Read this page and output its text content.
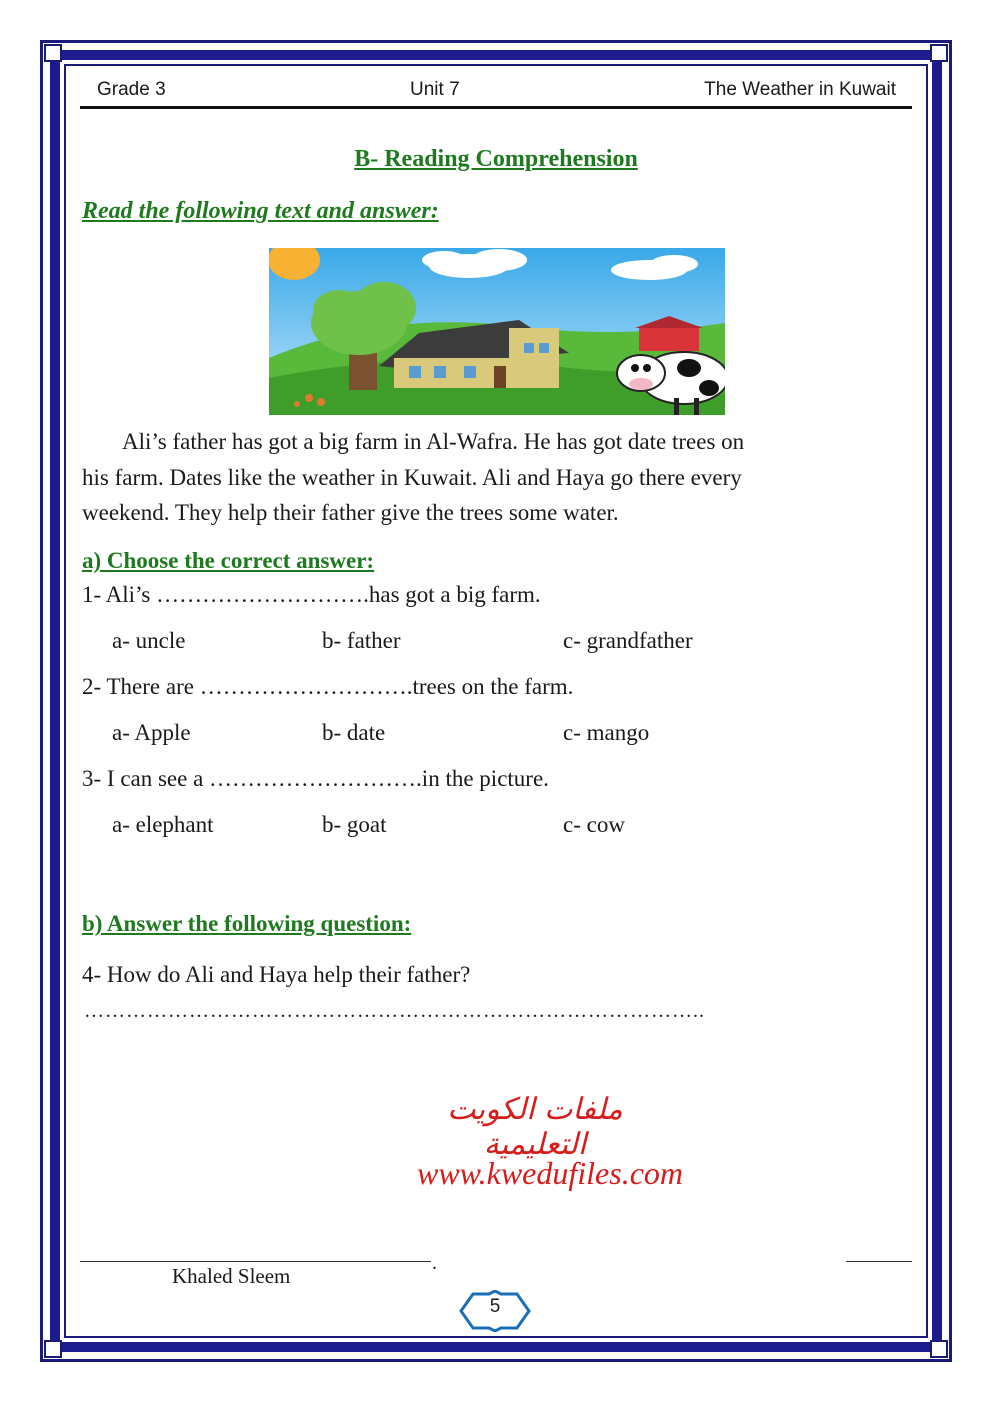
Grade 3	Unit 7	The Weather in Kuwait
B- Reading Comprehension
Read the following text and answer:
Ali’s father has got a big farm in Al-Wafra. He has got date trees on
his farm. Dates like the weather in Kuwait. Ali and Haya go there every
weekend. They help their father give the trees some water.
a) Choose the correct answer:
1- Ali’s ……………………….has got a big farm.
a- uncle	b- father	c- grandfather
2- There are ……………………….trees on the farm.
a- Apple	b- date	c- mango
3- I can see a ……………………….in the picture.
a- elephant	b- goat	c- cow
b) Answer the following question:
4- How do Ali and Haya help their father?
……………………………………………………………………………..
ملفات الكويت التعليمية
www.kwedufiles.com
.
Khaled Sleem
5
